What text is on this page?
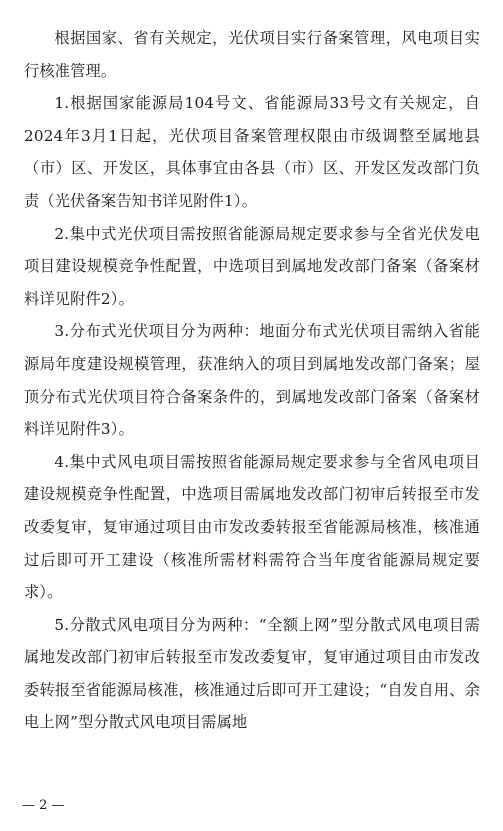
根据国家、省有关规定，光伏项目实行备案管理，风电项目实行核准管理。

1.根据国家能源局104号文、省能源局33号文有关规定，自2024年3月1日起，光伏项目备案管理权限由市级调整至属地县（市）区、开发区，具体事宜由各县（市）区、开发区发改部门负责（光伏备案告知书详见附件1）。

2.集中式光伏项目需按照省能源局规定要求参与全省光伏发电项目建设规模竞争性配置，中选项目到属地发改部门备案（备案材料详见附件2）。

3.分布式光伏项目分为两种：地面分布式光伏项目需纳入省能源局年度建设规模管理，获准纳入的项目到属地发改部门备案；屋顶分布式光伏项目符合备案条件的，到属地发改部门备案（备案材料详见附件3）。

4.集中式风电项目需按照省能源局规定要求参与全省风电项目建设规模竞争性配置，中选项目需属地发改部门初审后转报至市发改委复审，复审通过项目由市发改委转报至省能源局核准，核准通过后即可开工建设（核准所需材料需符合当年度省能源局规定要求）。

5.分散式风电项目分为两种：“全额上网”型分散式风电项目需属地发改部门初审后转报至市发改委复审，复审通过项目由市发改委转报至省能源局核准，核准通过后即可开工建设；“自发自用、余电上网”型分散式风电项目需属地

— 2 —
